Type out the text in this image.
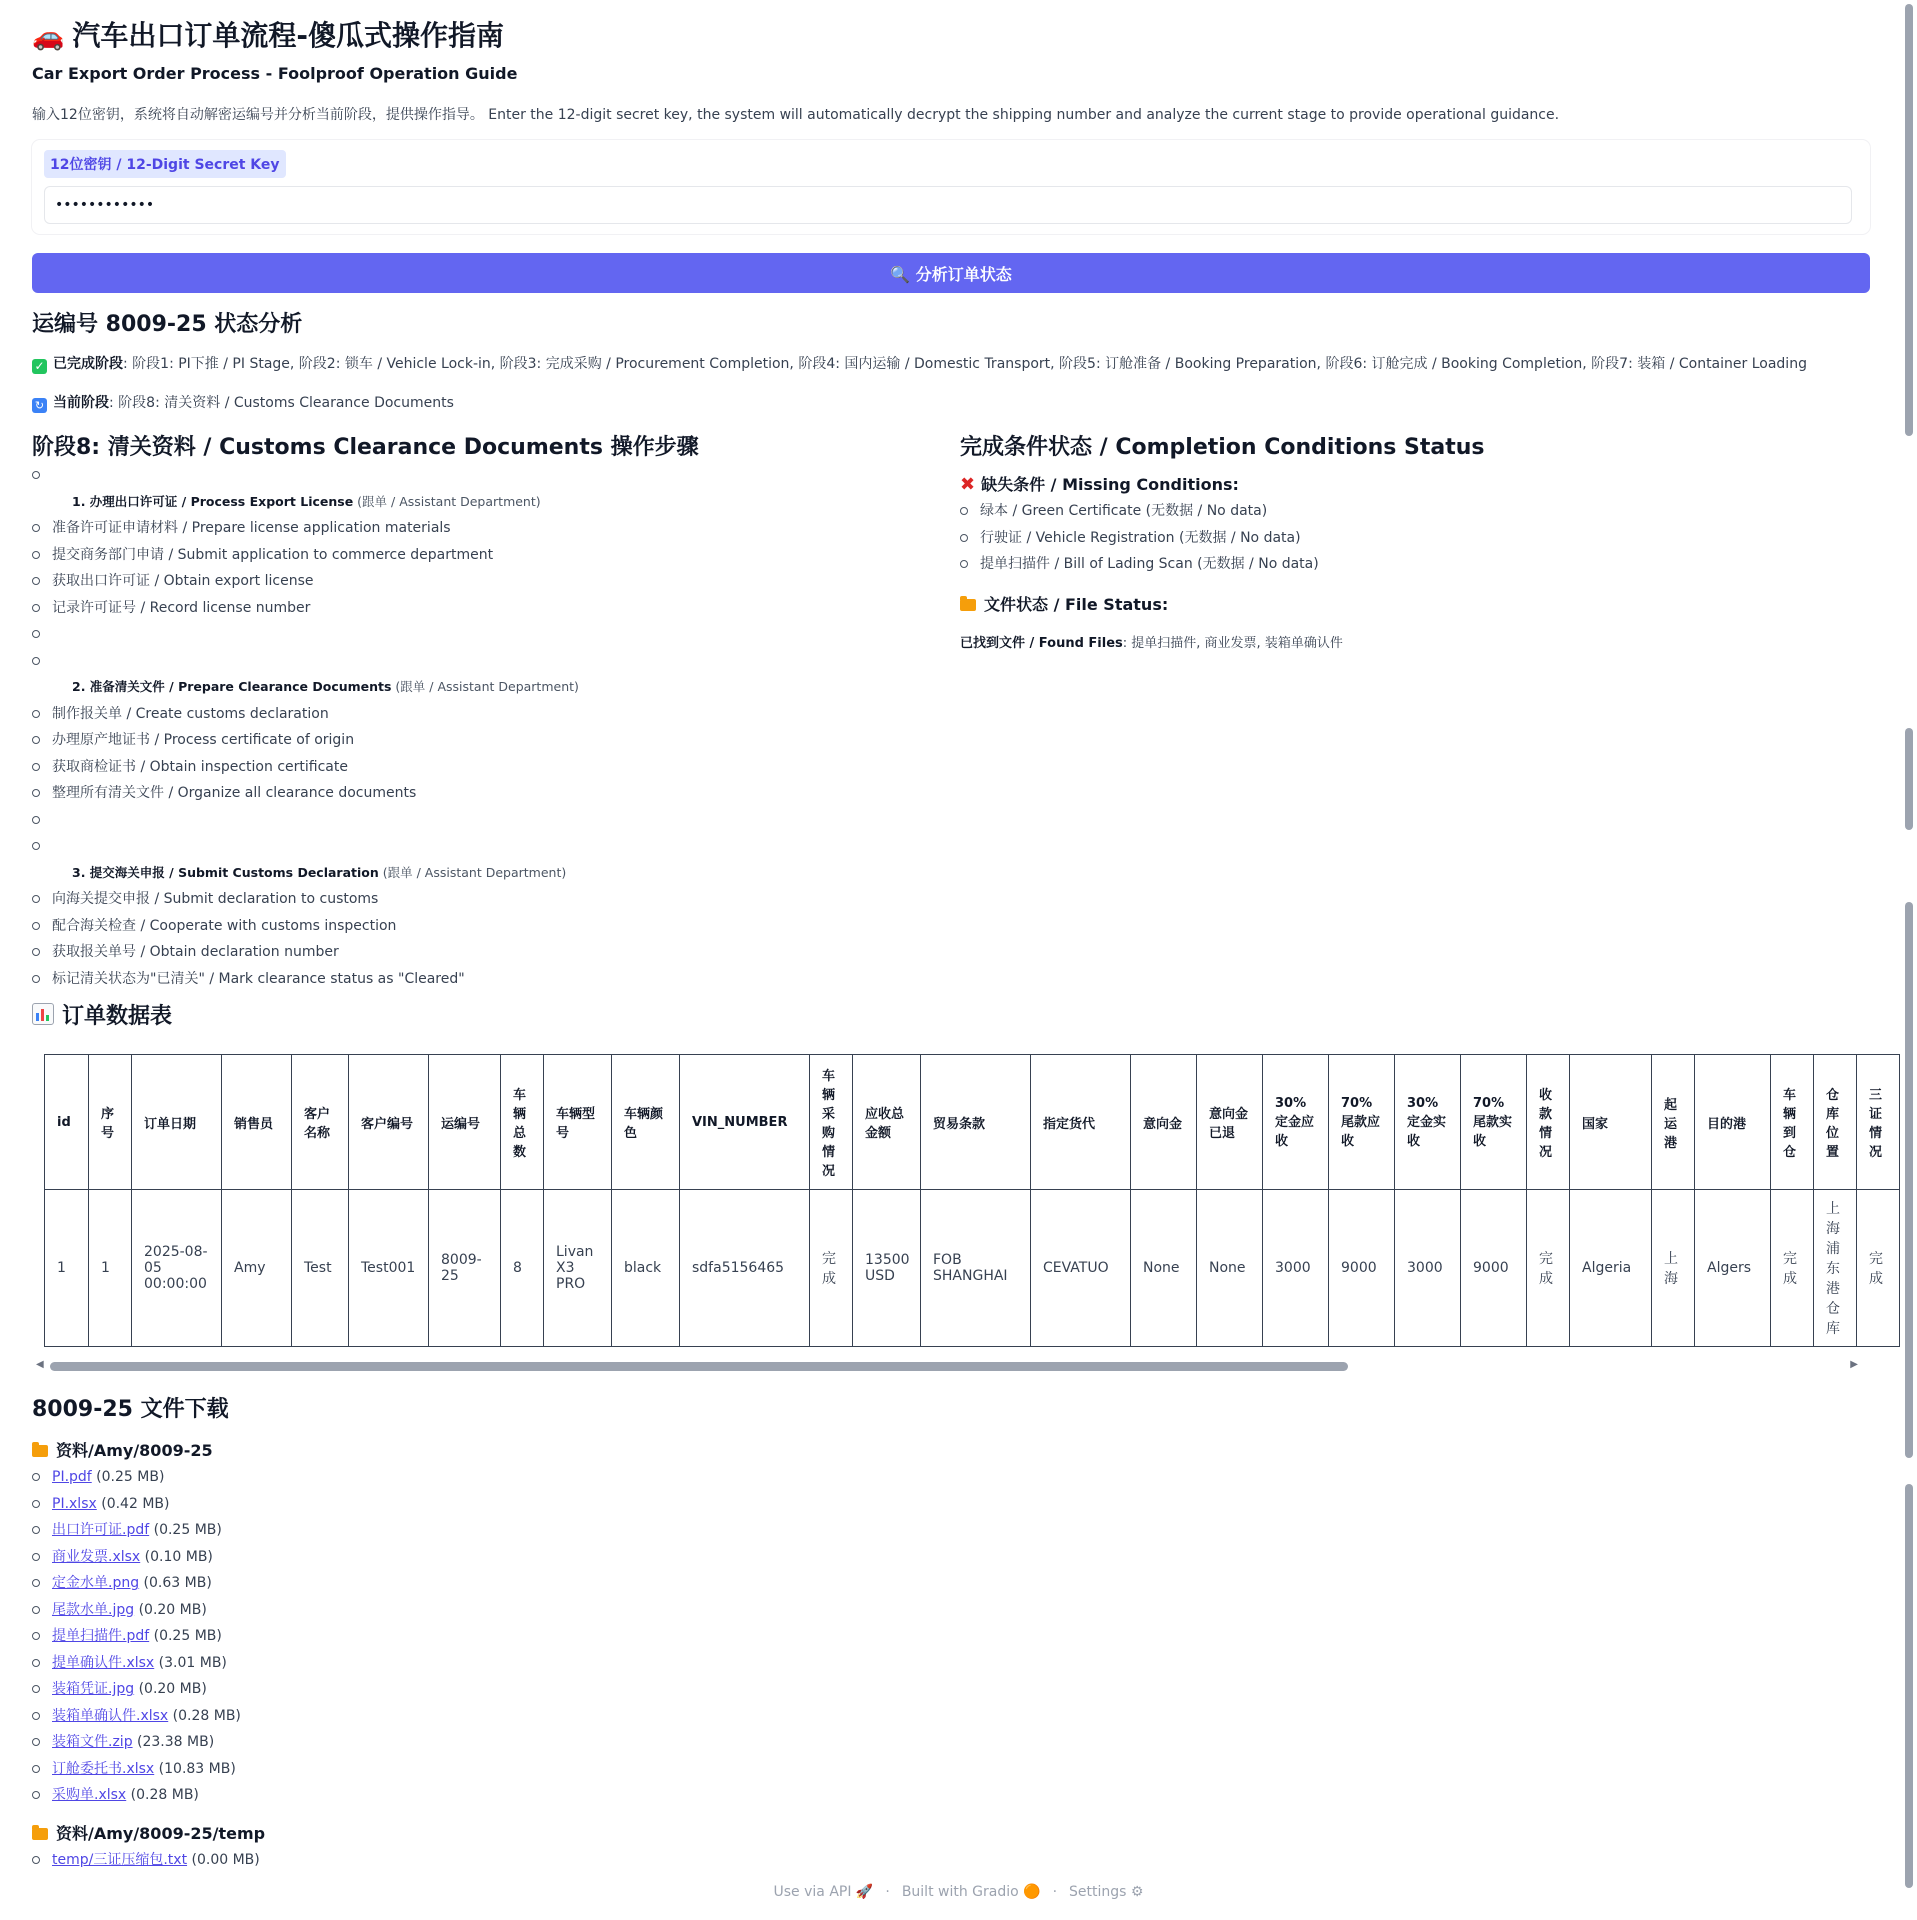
🚗 汽车出口订单流程-傻瓜式操作指南
Car Export Order Process - Foolproof Operation Guide
输入12位密钥，系统将自动解密运编号并分析当前阶段，提供操作指导。 Enter the 12-digit secret key, the system will automatically decrypt the shipping number and analyze the current stage to provide operational guidance.
12位密钥 / 12-Digit Secret Key
••••••••••••
🔍 分析订单状态
运编号 8009-25 状态分析
✓ 已完成阶段: 阶段1: PI下推 / PI Stage, 阶段2: 锁车 / Vehicle Lock-in, 阶段3: 完成采购 / Procurement Completion, 阶段4: 国内运输 / Domestic Transport, 阶段5: 订舱准备 / Booking Preparation, 阶段6: 订舱完成 / Booking Completion, 阶段7: 装箱 / Container Loading
↻ 当前阶段: 阶段8: 清关资料 / Customs Clearance Documents
阶段8: 清关资料 / Customs Clearance Documents 操作步骤
1. 办理出口许可证 / Process Export License (跟单 / Assistant Department)
准备许可证申请材料 / Prepare license application materials
提交商务部门申请 / Submit application to commerce department
获取出口许可证 / Obtain export license
记录许可证号 / Record license number
2. 准备清关文件 / Prepare Clearance Documents (跟单 / Assistant Department)
制作报关单 / Create customs declaration
办理原产地证书 / Process certificate of origin
获取商检证书 / Obtain inspection certificate
整理所有清关文件 / Organize all clearance documents
3. 提交海关申报 / Submit Customs Declaration (跟单 / Assistant Department)
向海关提交申报 / Submit declaration to customs
配合海关检查 / Cooperate with customs inspection
获取报关单号 / Obtain declaration number
标记清关状态为"已清关" / Mark clearance status as "Cleared"
完成条件状态 / Completion Conditions Status
✖ 缺失条件 / Missing Conditions:
绿本 / Green Certificate (无数据 / No data)
行驶证 / Vehicle Registration (无数据 / No data)
提单扫描件 / Bill of Lading Scan (无数据 / No data)
文件状态 / File Status:
已找到文件 / Found Files: 提单扫描件, 商业发票, 装箱单确认件
订单数据表
id	序号	订单日期	销售员	客户名称	客户编号	运编号	车辆总数	车辆型号	车辆颜色	VIN_NUMBER	车辆采购情况	应收总金额	贸易条款	指定货代	意向金	意向金已退	30% 定金应收	70% 尾款应收	30% 定金实收	70% 尾款实收	收款情况	国家	起运港	目的港	车辆到仓	仓库位置	三证情况
1	1	2025-08-05 00:00:00	Amy	Test	Test001	8009-25	8	Livan X3 PRO	black	sdfa5156465	完成	13500 USD	FOB SHANGHAI	CEVATUO	None	None	3000	9000	3000	9000	完成	Algeria	上海	Algers	完成	上海浦东港仓库	完成
◀	▶
8009-25 文件下载
资料/Amy/8009-25
PI.pdf (0.25 MB)
PI.xlsx (0.42 MB)
出口许可证.pdf (0.25 MB)
商业发票.xlsx (0.10 MB)
定金水单.png (0.63 MB)
尾款水单.jpg (0.20 MB)
提单扫描件.pdf (0.25 MB)
提单确认件.xlsx (3.01 MB)
装箱凭证.jpg (0.20 MB)
装箱单确认件.xlsx (0.28 MB)
装箱文件.zip (23.38 MB)
订舱委托书.xlsx (10.83 MB)
采购单.xlsx (0.28 MB)
资料/Amy/8009-25/temp
temp/三证压缩包.txt (0.00 MB)
Use via API 🚀 · Built with Gradio 🟠 · Settings ⚙
